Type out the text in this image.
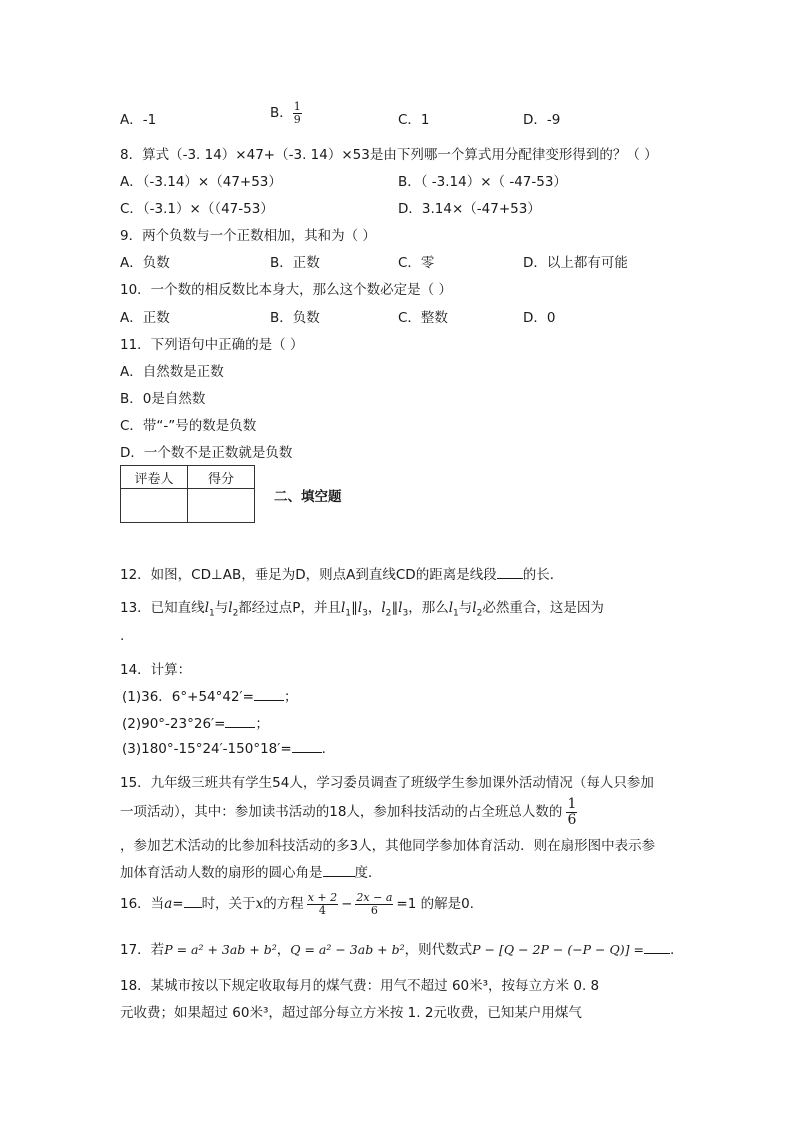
A．-1	B． $\frac{1}{9}$	C．1	D．-9
8．算式（-3. 14）×47+（-3. 14）×53是由下列哪一个算式用分配律变形得到的？（ ）
A．（-3.14）×（47+53）	B．（ -3.14）×（ -47-53）
C．（-3.1）×（（47-53）	D．3.14×（-47+53）
9．两个负数与一个正数相加，其和为（ ）
A．负数	B．正数	C．零	D．以上都有可能
10．一个数的相反数比本身大，那么这个数必定是（ ）
A．正数	B．负数	C．整数	D．0
11．下列语句中正确的是（ ）
A．自然数是正数
B．0是自然数
C．带“-”号的数是负数
D．一个数不是正数就是负数
评卷人	得分

二、填空题
12．如图，CD⊥AB，垂足为D，则点A到直线CD的距离是线段 的长．
13．已知直线$l_1$与$l_2$都经过点P，并且$l_1\parallel l_3$，$l_2\parallel l_3$，那么$l_1$与$l_2$必然重合，这是因为
.
14．计算：
(1)36．6°+54°42′= ；
(2)90°-23°26′= ；
(3)180°-15°24′-150°18′= .
15．九年级三班共有学生54人，学习委员调查了班级学生参加课外活动情况（每人只参加
一项活动），其中：参加读书活动的18人，参加科技活动的占全班总人数的 $\frac{1}{6}$
，参加艺术活动的比参加科技活动的多3人，其他同学参加体育活动．则在扇形图中表示参
加体育活动人数的扇形的圆心角是 度．
16．当a= 时，关于x的方程 $\frac{x + 2}{4} - \frac{2x - a}{6} =1$ 的解是0.
17．若P = a² + 3ab + b²，Q = a² − 3ab + b²，则代数式P − [Q − 2P − (−P − Q)] = .
18．某城市按以下规定收取每月的煤气费：用气不超过 60米³，按每立方米 0. 8
元收费；如果超过 60米³，超过部分每立方米按 1. 2元收费，已知某户用煤气
